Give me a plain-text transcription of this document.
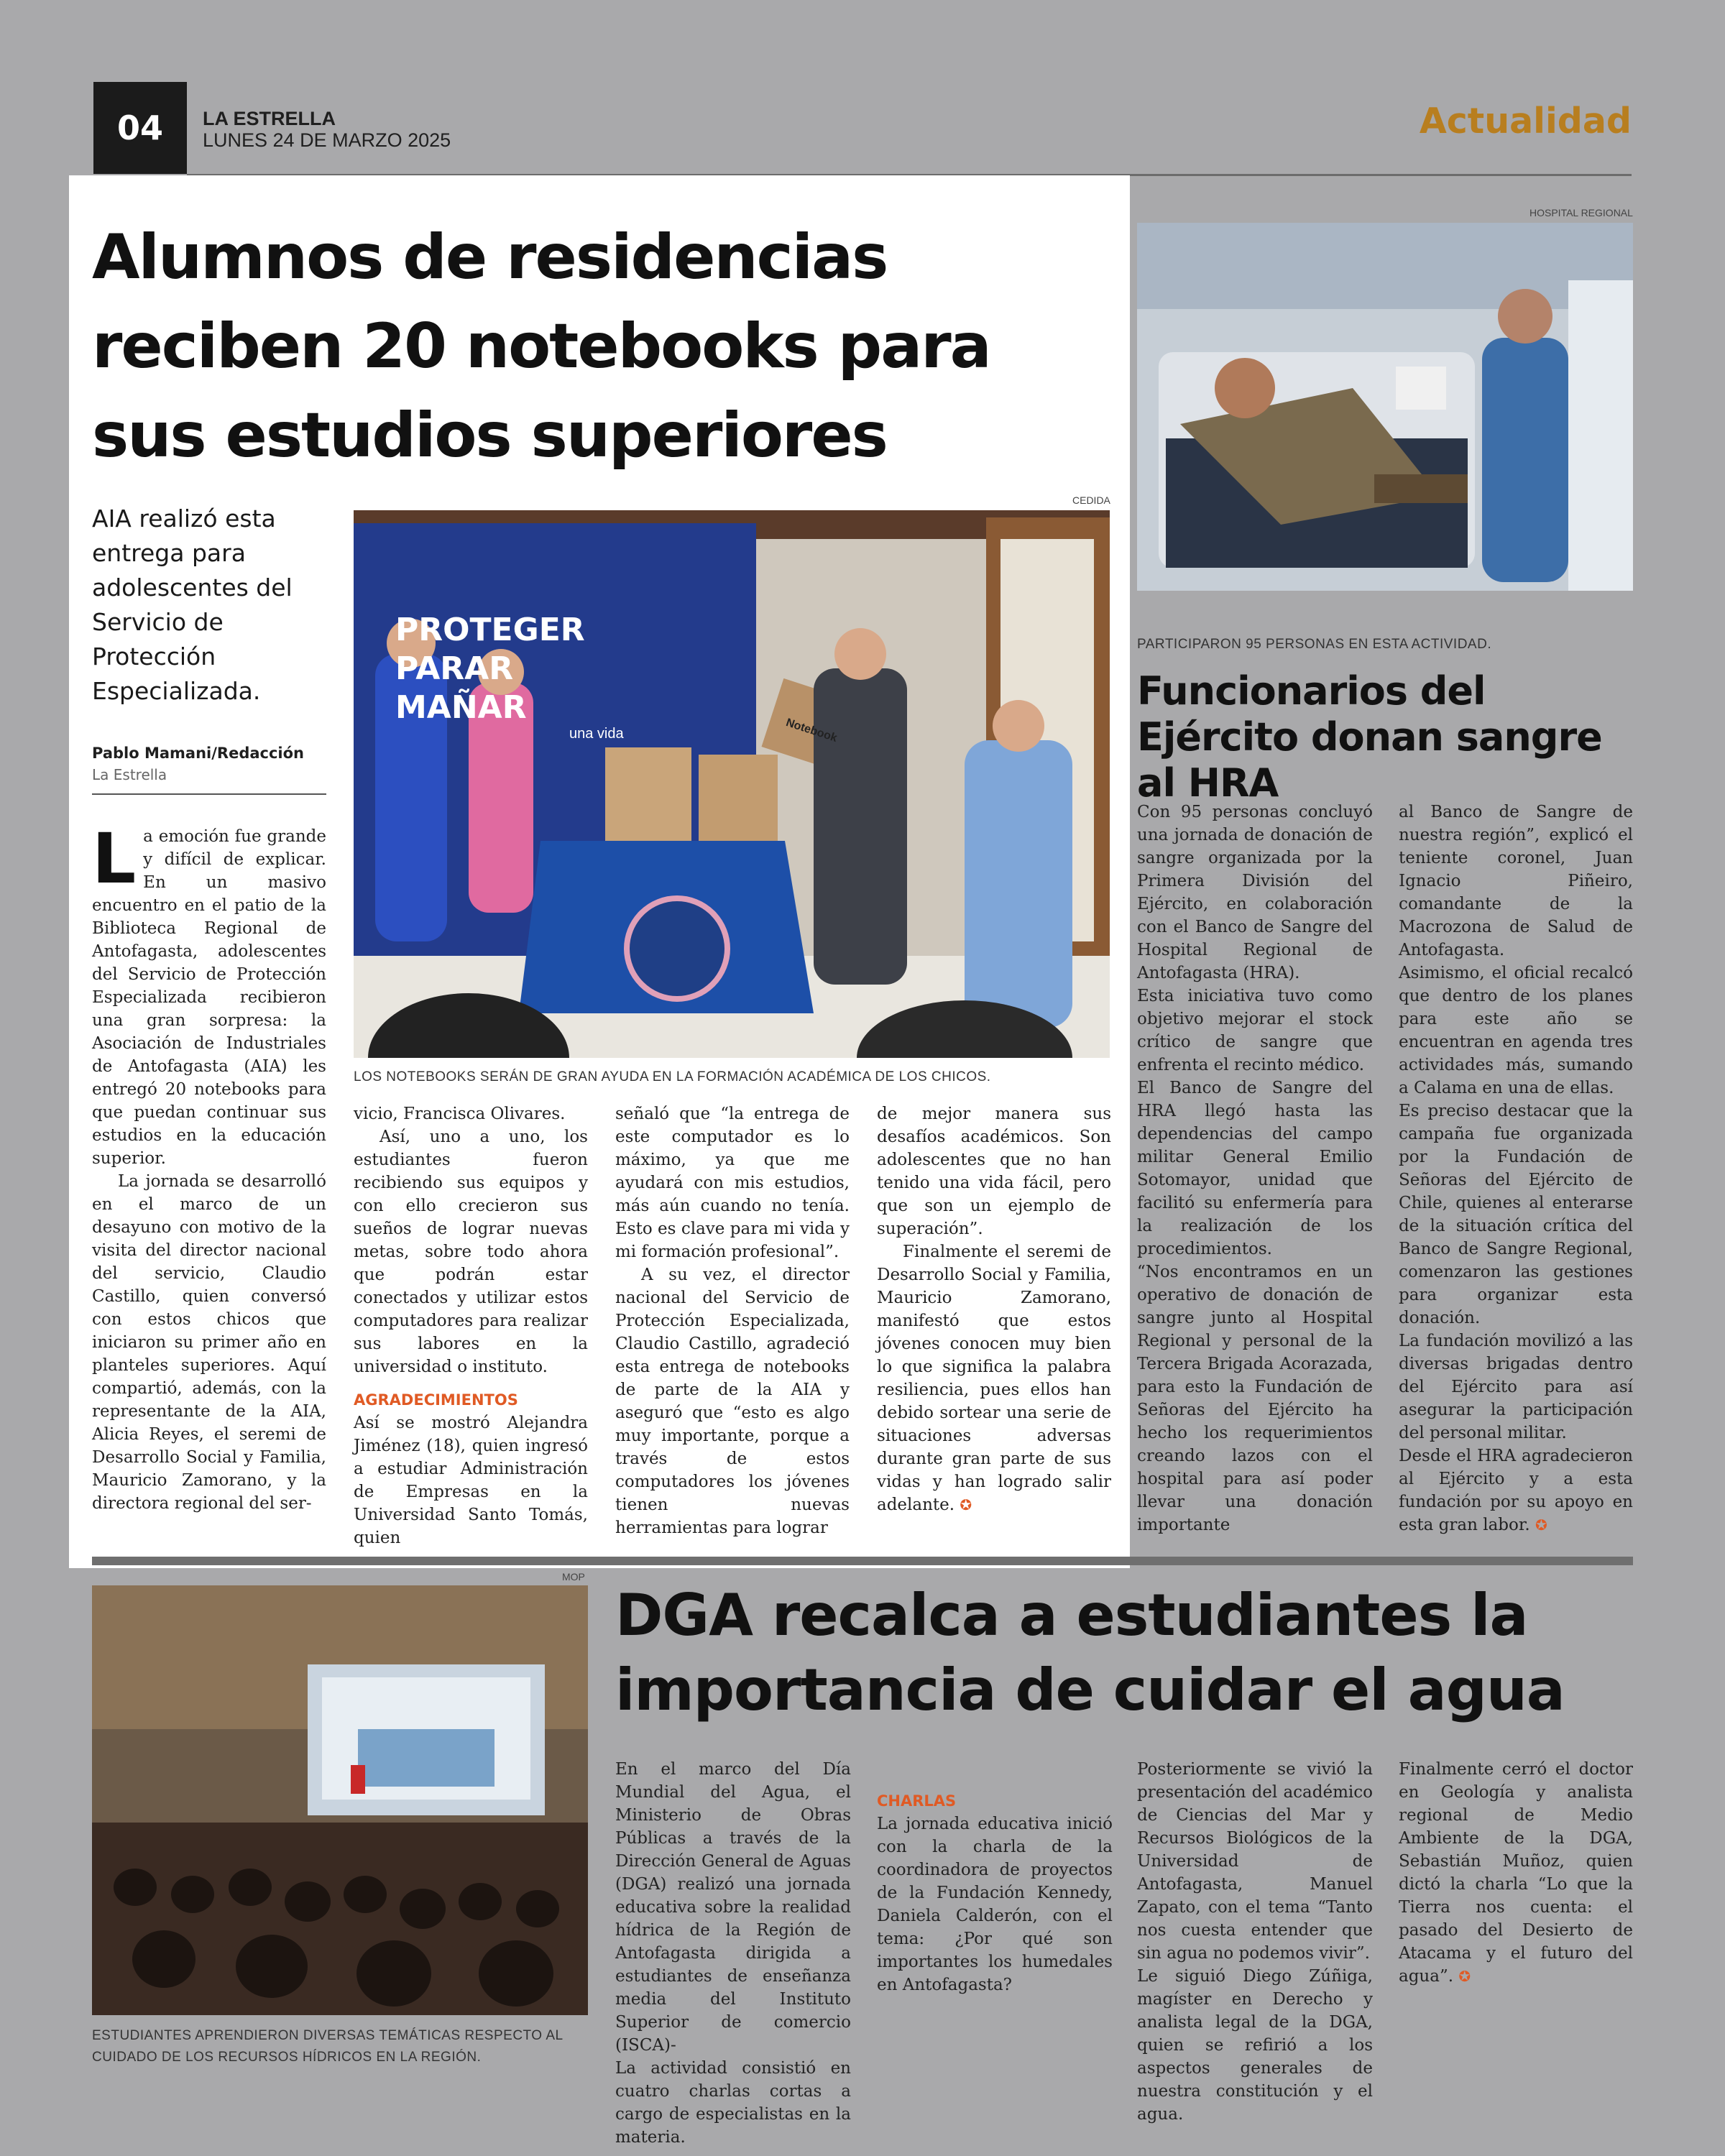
04	LA ESTRELLA
LUNES 24 DE MARZO 2025	Actualidad
Alumnos de residencias reciben 20 notebooks para sus estudios superiores
AIA realizó esta entrega para adolescentes del Servicio de Protección Especializada.
Pablo Mamani/Redacción
La Estrella
CEDIDA
PROTEGER PARAR MAÑAR
una vida	Notebook
LOS NOTEBOOKS SERÁN DE GRAN AYUDA EN LA FORMACIÓN ACADÉMICA DE LOS CHICOS.

La emoción fue grande y difícil de explicar. En un masivo encuentro en el patio de la Biblioteca Regional de Antofagasta, adolescentes del Servicio de Protección Especializada recibieron una gran sorpresa: la Asociación de Industriales de Antofagasta (AIA) les entregó 20 notebooks para que puedan continuar sus estudios en la educación superior.

La jornada se desarrolló en el marco de un desayuno con motivo de la visita del director nacional del servicio, Claudio Castillo, quien conversó con estos chicos que iniciaron su primer año en planteles superiores. Aquí compartió, además, con la representante de la AIA, Alicia Reyes, el seremi de Desarrollo Social y Familia, Mauricio Zamorano, y la directora regional del ser-

vicio, Francisca Olivares.

Así, uno a uno, los estudiantes fueron recibiendo sus equipos y con ello crecieron sus sueños de lograr nuevas metas, sobre todo ahora que podrán estar conectados y utilizar estos computadores para realizar sus labores en la universidad o instituto.

AGRADECIMIENTOS

Así se mostró Alejandra Jiménez (18), quien ingresó a estudiar Administración de Empresas en la Universidad Santo Tomás, quien

señaló que “la entrega de este computador es lo máximo, ya que me ayudará con mis estudios, más aún cuando no tenía. Esto es clave para mi vida y mi formación profesional”.

A su vez, el director nacional del Servicio de Protección Especializada, Claudio Castillo, agradeció esta entrega de notebooks de parte de la AIA y aseguró que “esto es algo muy importante, porque a través de estos computadores los jóvenes tienen nuevas herramientas para lograr

de mejor manera sus desafíos académicos. Son adolescentes que no han tenido una vida fácil, pero que son un ejemplo de superación”.

Finalmente el seremi de Desarrollo Social y Familia, Mauricio Zamorano, manifestó que estos jóvenes conocen muy bien lo que significa la palabra resiliencia, pues ellos han debido sortear una serie de situaciones adversas durante gran parte de sus vidas y han logrado salir adelante. ✪

HOSPITAL REGIONAL
PARTICIPARON 95 PERSONAS EN ESTA ACTIVIDAD.
Funcionarios del Ejército donan sangre al HRA

Con 95 personas concluyó una jornada de donación de sangre organizada por la Primera División del Ejército, en colaboración con el Banco de Sangre del Hospital Regional de Antofagasta (HRA).

Esta iniciativa tuvo como objetivo mejorar el stock crítico de sangre que enfrenta el recinto médico.

El Banco de Sangre del HRA llegó hasta las dependencias del campo militar General Emilio Sotomayor, unidad que facilitó su enfermería para la realización de los procedimientos.

“Nos encontramos en un operativo de donación de sangre junto al Hospital Regional y personal de la Tercera Brigada Acorazada, para esto la Fundación de Señoras del Ejército ha hecho los requerimientos creando lazos con el hospital para así poder llevar una donación importante

al Banco de Sangre de nuestra región”, explicó el teniente coronel, Juan Ignacio Piñeiro, comandante de la Macrozona de Salud de Antofagasta.

Asimismo, el oficial recalcó que dentro de los planes para este año se encuentran en agenda tres actividades más, sumando a Calama en una de ellas.

Es preciso destacar que la campaña fue organizada por la Fundación de Señoras del Ejército de Chile, quienes al enterarse de la situación crítica del Banco de Sangre Regional, comenzaron las gestiones para organizar esta donación.

La fundación movilizó a las diversas brigadas dentro del Ejército para así asegurar la participación del personal militar.

Desde el HRA agradecieron al Ejército y a esta fundación por su apoyo en esta gran labor. ✪

MOP
ESTUDIANTES APRENDIERON DIVERSAS TEMÁTICAS RESPECTO AL CUIDADO DE LOS RECURSOS HÍDRICOS EN LA REGIÓN.
DGA recalca a estudiantes la importancia de cuidar el agua

En el marco del Día Mundial del Agua, el Ministerio de Obras Públicas a través de la Dirección General de Aguas (DGA) realizó una jornada educativa sobre la realidad hídrica de la Región de Antofagasta dirigida a estudiantes de enseñanza media del Instituto Superior de comercio (ISCA)-

La actividad consistió en cuatro charlas cortas a cargo de especialistas en la materia.

CHARLAS

La jornada educativa inició con la charla de la coordinadora de proyectos de la Fundación Kennedy, Daniela Calderón, con el tema: ¿Por qué son importantes los humedales en Antofagasta?

Posteriormente se vivió la presentación del académico de Ciencias del Mar y Recursos Biológicos de la Universidad de Antofagasta, Manuel Zapato, con el tema “Tanto nos cuesta entender que sin agua no podemos vivir”.

Le siguió Diego Zúñiga, magíster en Derecho y analista legal de la DGA, quien se refirió a los aspectos generales de nuestra constitución y el agua.

Finalmente cerró el doctor en Geología y analista regional de Medio Ambiente de la DGA, Sebastián Muñoz, quien dictó la charla “Lo que la Tierra nos cuenta: el pasado del Desierto de Atacama y el futuro del agua”. ✪
